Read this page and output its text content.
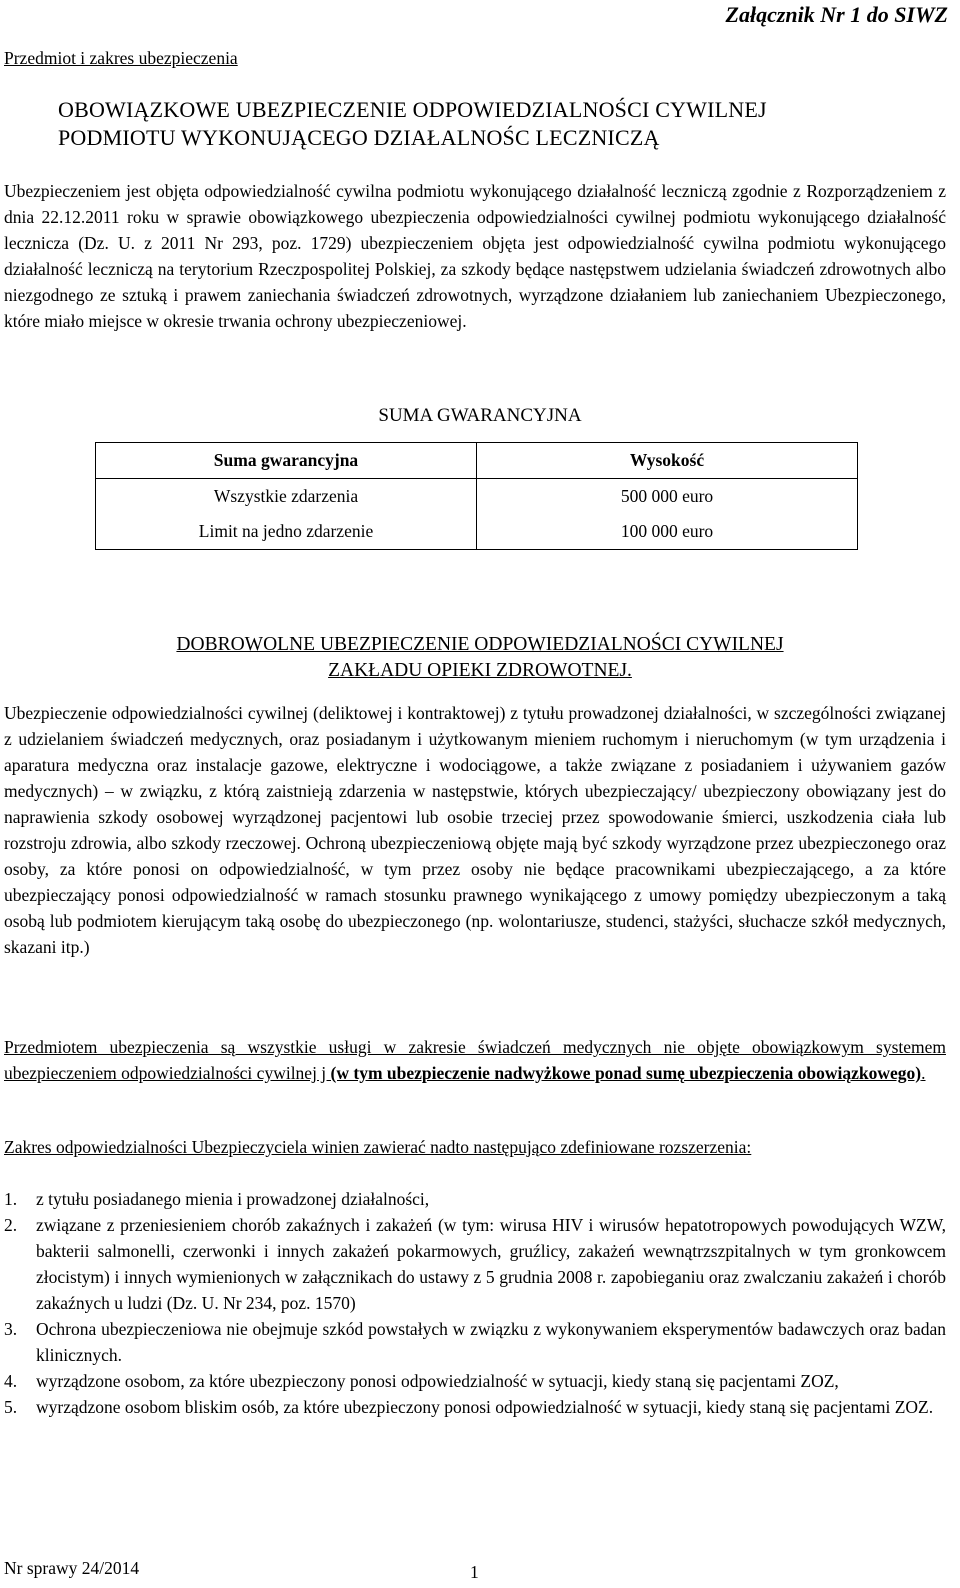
Załącznik Nr 1 do SIWZ
Przedmiot i zakres ubezpieczenia
OBOWIĄZKOWE UBEZPIECZENIE ODPOWIEDZIALNOŚCI CYWILNEJ
PODMIOTU WYKONUJĄCEGO DZIAŁALNOŚC LECZNICZĄ
Ubezpieczeniem jest objęta odpowiedzialność cywilna podmiotu wykonującego działalność leczniczą zgodnie z Rozporządzeniem z dnia 22.12.2011 roku w sprawie obowiązkowego ubezpieczenia odpowiedzialności cywilnej podmiotu wykonującego działalność lecznicza (Dz. U. z 2011 Nr 293, poz. 1729) ubezpieczeniem objęta jest odpowiedzialność cywilna podmiotu wykonującego działalność leczniczą na terytorium Rzeczpospolitej Polskiej, za szkody będące następstwem udzielania świadczeń zdrowotnych albo niezgodnego ze sztuką i prawem zaniechania świadczeń zdrowotnych, wyrządzone działaniem lub zaniechaniem Ubezpieczonego, które miało miejsce w okresie trwania ochrony ubezpieczeniowej.
SUMA GWARANCYJNA
Suma gwarancyjna	Wysokość
Wszystkie zdarzenia	500 000 euro
Limit na jedno zdarzenie	100 000 euro
DOBROWOLNE UBEZPIECZENIE ODPOWIEDZIALNOŚCI CYWILNEJ
ZAKŁADU OPIEKI ZDROWOTNEJ.
Ubezpieczenie odpowiedzialności cywilnej (deliktowej i kontraktowej) z tytułu prowadzonej działalności, w szczególności związanej z udzielaniem świadczeń medycznych, oraz posiadanym i użytkowanym mieniem ruchomym i nieruchomym (w tym urządzenia i aparatura medyczna oraz instalacje gazowe, elektryczne i wodociągowe, a także związane z posiadaniem i używaniem gazów medycznych) – w związku, z którą zaistnieją zdarzenia w następstwie, których ubezpieczający/ ubezpieczony obowiązany jest do naprawienia szkody osobowej wyrządzonej pacjentowi lub osobie trzeciej przez spowodowanie śmierci, uszkodzenia ciała lub rozstroju zdrowia, albo szkody rzeczowej. Ochroną ubezpieczeniową objęte mają być szkody wyrządzone przez ubezpieczonego oraz osoby, za które ponosi on odpowiedzialność, w tym przez osoby nie będące pracownikami ubezpieczającego, a za które ubezpieczający ponosi odpowiedzialność w ramach stosunku prawnego wynikającego z umowy pomiędzy ubezpieczonym a taką osobą lub podmiotem kierującym taką osobę do ubezpieczonego (np. wolontariusze, studenci, stażyści, słuchacze szkół medycznych, skazani itp.)
Przedmiotem ubezpieczenia są wszystkie usługi w zakresie świadczeń medycznych nie objęte obowiązkowym systemem ubezpieczeniem odpowiedzialności cywilnej j (w tym ubezpieczenie nadwyżkowe ponad sumę ubezpieczenia obowiązkowego).
Zakres odpowiedzialności Ubezpieczyciela winien zawierać nadto następująco zdefiniowane rozszerzenia:
1. z tytułu posiadanego mienia i prowadzonej działalności,
2. związane z przeniesieniem chorób zakaźnych i zakażeń (w tym: wirusa HIV i wirusów hepatotropowych powodujących WZW, bakterii salmonelli, czerwonki i innych zakażeń pokarmowych, gruźlicy, zakażeń wewnątrzszpitalnych w tym gronkowcem złocistym) i innych wymienionych w załącznikach do ustawy z 5 grudnia 2008 r. zapobieganiu oraz zwalczaniu zakażeń i chorób zakaźnych u ludzi (Dz. U. Nr 234, poz. 1570)
3. Ochrona ubezpieczeniowa nie obejmuje szkód powstałych w związku z wykonywaniem eksperymentów badawczych oraz badan klinicznych.
4. wyrządzone osobom, za które ubezpieczony ponosi odpowiedzialność w sytuacji, kiedy staną się pacjentami ZOZ,
5. wyrządzone osobom bliskim osób, za które ubezpieczony ponosi odpowiedzialność w sytuacji, kiedy staną się pacjentami ZOZ.
Nr sprawy 24/2014	1
